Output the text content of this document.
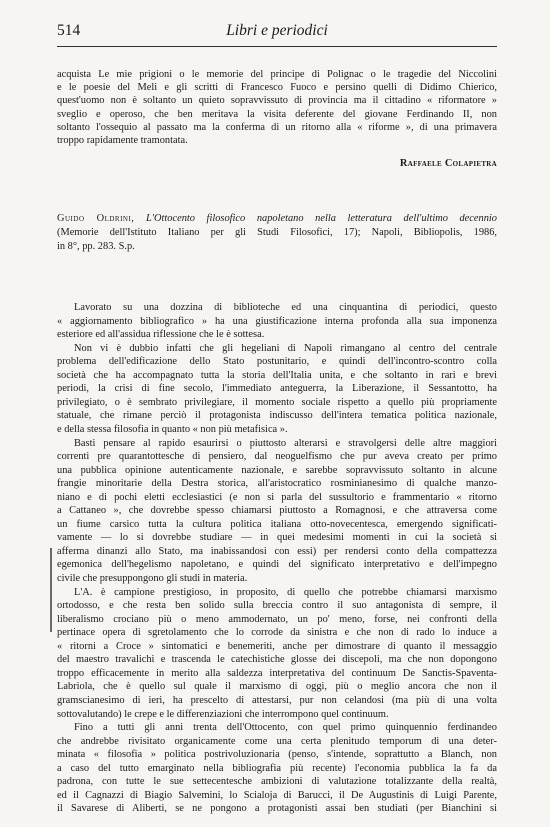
514	Libri e periodici
acquista Le mie prigioni o le memorie del principe di Polignac o le tragedie del Niccolini
e le poesie del Meli e gli scritti di Francesco Fuoco e persino quelli di Didimo Chierico,
quest'uomo non è soltanto un quieto sopravvissuto di provincia ma il cittadino « riformatore »
sveglio e operoso, che ben meritava la visita deferente del giovane Ferdinando II, non
soltanto l'ossequio al passato ma la conferma di un ritorno alla « riforme », di una primavera
troppo rapidamente tramontata.
Raffaele Colapietra
Guido Oldrini, L'Ottocento filosofico napoletano nella letteratura dell'ultimo decennio
(Memorie dell'Istituto Italiano per gli Studi Filosofici, 17); Napoli, Bibliopolis, 1986,
in 8°, pp. 283. S.p.
Lavorato su una dozzina di biblioteche ed una cinquantina di periodici, questo
« aggiornamento bibliografico » ha una giustificazione interna profonda alla sua imponenza
esteriore ed all'assidua riflessione che le è sottesa.
Non vi è dubbio infatti che gli hegeliani di Napoli rimangano al centro del centrale
problema dell'edificazione dello Stato postunitario, e quindi dell'incontro-scontro colla
società che ha accompagnato tutta la storia dell'Italia unita, e che soltanto in rari e brevi
periodi, la crisi di fine secolo, l'immediato anteguerra, la Liberazione, il Sessantotto, ha
privilegiato, o è sembrato privilegiare, il momento sociale rispetto a quello più propriamente
statuale, che rimane perciò il protagonista indiscusso dell'intera tematica politica nazionale,
e della stessa filosofia in quanto « non più metafisica ».
Basti pensare al rapido esaurirsi o piuttosto alterarsi e stravolgersi delle altre maggiori
correnti pre quarantottesche di pensiero, dal neoguelfismo che pur aveva creato per primo
una pubblica opinione autenticamente nazionale, e sarebbe sopravvissuto soltanto in alcune
frangie minoritarie della Destra storica, all'aristocratico rosminianesimo di qualche manzo-
niano e di pochi eletti ecclesiastici (e non si parla del sussultorio e frammentario « ritorno
a Cattaneo », che dovrebbe spesso chiamarsi piuttosto a Romagnosi, e che attraversa come
un fiume carsico tutta la cultura politica italiana otto-novecentesca, emergendo significati-
vamente — lo si dovrebbe studiare — in quei medesimi momenti in cui la società si
afferma dinanzi allo Stato, ma inabissandosi con essi) per rendersi conto della compattezza
egemonica dell'hegelismo napoletano, e quindi del significato interpretativo e dell'impegno
civile che presuppongono gli studi in materia.
L'A. è campione prestigioso, in proposito, di quello che potrebbe chiamarsi marxismo
ortodosso, e che resta ben solido sulla breccia contro il suo antagonista di sempre, il
liberalismo crociano più o meno ammodernato, un po' meno, forse, nei confronti della
pertinace opera di sgretolamento che lo corrode da sinistra e che non di rado lo induce a
« ritorni a Croce » sintomatici e benemeriti, anche per dimostrare di quanto il messaggio
del maestro travalichi e trascenda le catechistiche glosse dei discepoli, ma che non dopongono
troppo efficacemente in merito alla saldezza interpretativa del continuum De Sanctis-Spaventa-
Labriola, che è quello sul quale il marxismo di oggi, più o meglio ancora che non il
gramscianesimo di ieri, ha prescelto di attestarsi, pur non celandosi (ma più di una volta
sottovalutando) le crepe e le differenziazioni che interrompono quel continuum.
Fino a tutti gli anni trenta dell'Ottocento, con quel primo quinquennio ferdinandeo
che andrebbe rivisitato organicamente come una certa plenitudo temporum di una deter-
minata « filosofia » politica postrivoluzionaria (penso, s'intende, soprattutto a Blanch, non
a caso del tutto emarginato nella bibliografia più recente) l'economia pubblica la fa da
padrona, con tutte le sue settecentesche ambizioni di valutazione totalizzante della realtà,
ed il Cagnazzi di Biagio Salvemini, lo Scialoja di Barucci, il De Augustinis di Luigi Parente,
il Savarese di Aliberti, se ne pongono a protagonisti assai ben studiati (per Bianchini si
